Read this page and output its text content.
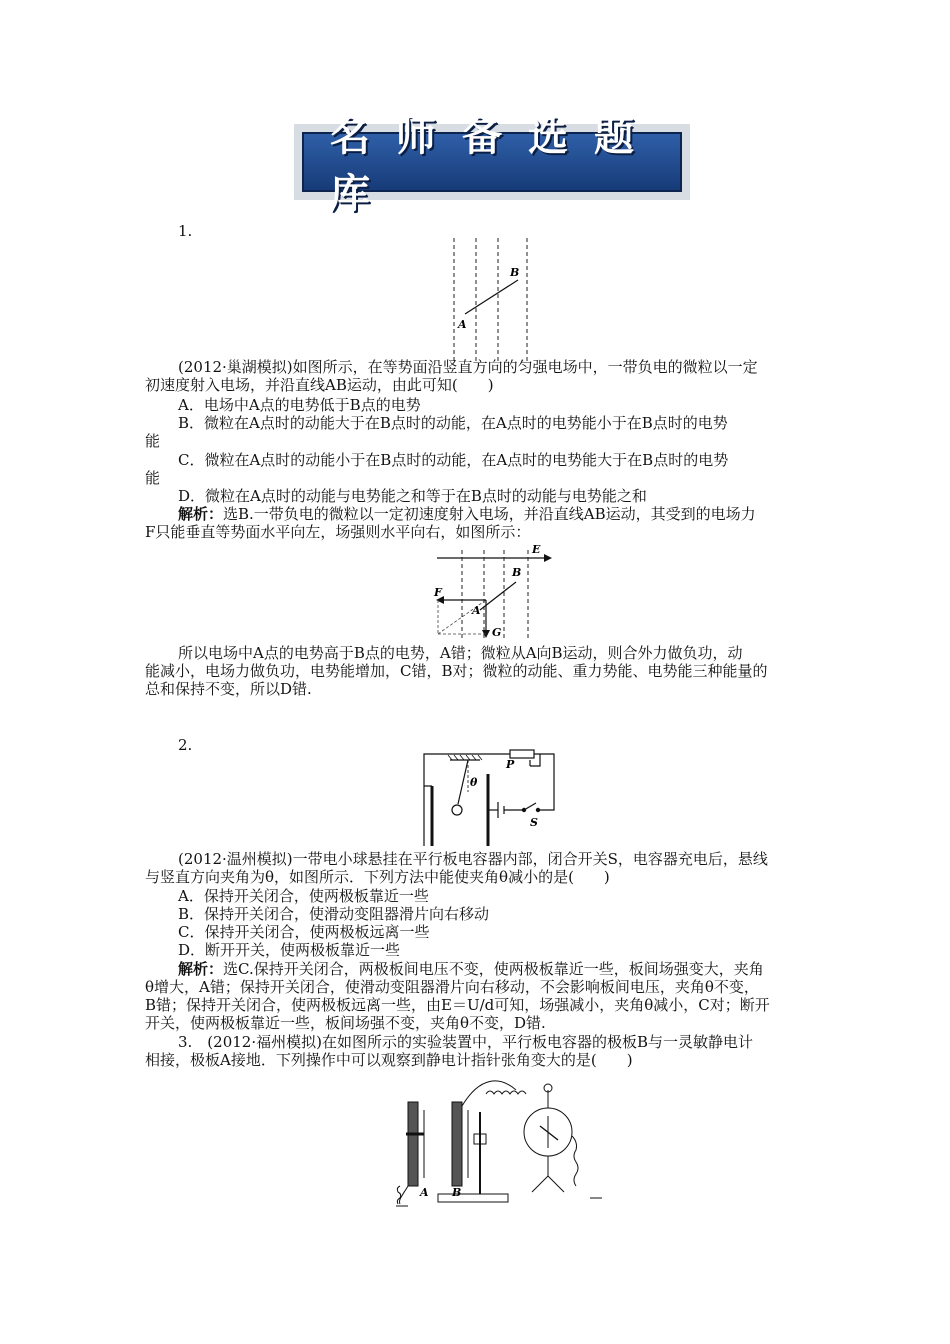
名师备选题库
1.
A
B
(2012·巢湖模拟)如图所示，在等势面沿竖直方向的匀强电场中，一带负电的微粒以一定
初速度射入电场，并沿直线AB运动，由此可知(　　)
A．电场中A点的电势低于B点的电势
B．微粒在A点时的动能大于在B点时的动能，在A点时的电势能小于在B点时的电势
能
C．微粒在A点时的动能小于在B点时的动能，在A点时的电势能大于在B点时的电势
能
D．微粒在A点时的动能与电势能之和等于在B点时的动能与电势能之和
解析：选B.一带负电的微粒以一定初速度射入电场，并沿直线AB运动，其受到的电场力
F只能垂直等势面水平向左，场强则水平向右，如图所示：
F
A
B
E
G
所以电场中A点的电势高于B点的电势，A错；微粒从A向B运动，则合外力做负功，动
能减小，电场力做负功，电势能增加，C错，B对；微粒的动能、重力势能、电势能三种能量的
总和保持不变，所以D错.
2.
P
θ
S
(2012·温州模拟)一带电小球悬挂在平行板电容器内部，闭合开关S，电容器充电后，悬线
与竖直方向夹角为θ，如图所示．下列方法中能使夹角θ减小的是(　　)
A．保持开关闭合，使两极板靠近一些
B．保持开关闭合，使滑动变阻器滑片向右移动
C．保持开关闭合，使两极板远离一些
D．断开开关，使两极板靠近一些
解析：选C.保持开关闭合，两极板间电压不变，使两极板靠近一些，板间场强变大，夹角
θ增大，A错；保持开关闭合，使滑动变阻器滑片向右移动，不会影响板间电压，夹角θ不变，
B错；保持开关闭合，使两极板远离一些，由E＝U/d可知，场强减小，夹角θ减小，C对；断开
开关，使两极板靠近一些，板间场强不变，夹角θ不变，D错.
3.　(2012·福州模拟)在如图所示的实验装置中，平行板电容器的极板B与一灵敏静电计
相接，极板A接地．下列操作中可以观察到静电计指针张角变大的是(　　)
A B
